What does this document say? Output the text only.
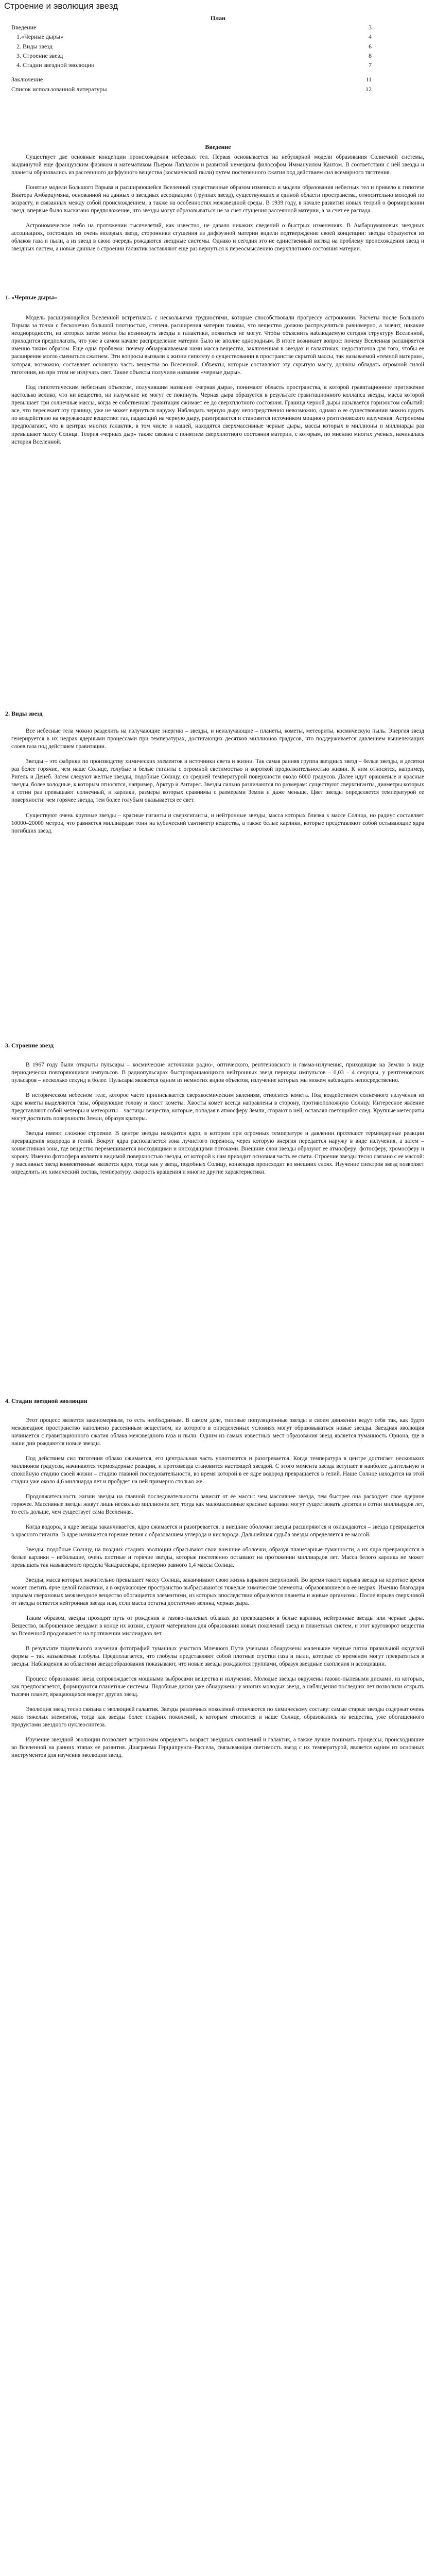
Строение и эволюция звезд
План
Введение	3
1.«Черные дыры»	4
2. Виды звезд	6
3. Строение звезд	8
4. Стадии звездной эволюции	7
Заключение	11
Список использованной литературы	12
Введение
1. «Черные дыры»
2. Виды звезд
3. Строение звезд
4. Стадии звездной эволюции

Существует две основные концепции происхождения небесных тел. Первая основывается на небулярной модели образования Солнечной системы, выдвинутой еще французским физиком и математиком Пьером Лапласом и развитой немецким философом Иммануилом Кантом. В соответствии с ней звезды и планеты образовались из рассеянного диффузного вещества (космической пыли) путем постепенного сжатия под действием сил всемирного тяготения.

Понятие модели Большого Взрыва и расширяющейся Вселенной существенные образом изменило и модели образования небесных тел и привело к гипотезе Виктора Амбарцумяна, основанной на данных о звездных ассоциациях (группах звезд), существующих в единой области пространства, относительно молодой по возрасту, и связанных между собой происхождением, а также на особенностях межзвездной среды. В 1939 году, в начале развития новых теорий о формировании звезд, впервые было высказано предположение, что звезды могут образовываться не за счет сгущения рассеянной материи, а за счет ее распада.

Астрономическое небо на протяжении тысячелетий, как известно, не давало никаких сведений о быстрых изменениях. В Амбарцумяновых звездных ассоциациях, состоящих из очень молодых звезд, сторонники сгущения из диффузной материи видели подтверждение своей концепции: звезды образуются из облаков газа и пыли, а из звезд в свою очередь рождаются звездные системы. Однако и сегодня это не единственный взгляд на проблему происхождения звезд и звездных систем, а новые данные о строении галактик заставляют еще раз вернуться к переосмыслению сверхплотного состояния материи.

Модель расширяющейся Вселенной встретилась с несколькими трудностями, которые способствовали прогрессу астрономии. Расчеты после Большого Взрыва за точки с бесконечно большой плотностью, степень расширения материи таковы, что вещество должно распределяться равномерно, а значит, никакие неоднородности, из которых затем могли бы возникнуть звезды и галактики, появиться не могут. Чтобы объяснить наблюдаемую сегодня структуру Вселенной, приходится предполагать, что уже в самом начале распределение материи было не вполне однородным. В итоге возникает вопрос: почему Вселенная расширяется именно таким образом. Еще одна проблема: почему обнаруживаемая нами масса вещества, заключенная в звездах и галактиках, недостаточна для того, чтобы ее расширение могло смениться сжатием. Эти вопросы вызвали к жизни гипотезу о существовании в пространстве скрытой массы, так называемой «темной материи», которая, возможно, составляет основную часть вещества во Вселенной. Объекты, которые составляют эту скрытую массу, должны обладать огромной силой тяготения, но при этом не излучать свет. Такие объекты получили название «черные дыры».

Под гипотетическим небесным объектом, получившим название «черная дыра», понимают область пространства, в которой гравитационное притяжение настолько велико, что ни вещество, ни излучение не могут ее покинуть. Черная дыра образуется в результате гравитационного коллапса звезды, масса которой превышает три солнечные массы, когда ее собственная гравитация сжимает ее до сверхплотного состояния. Граница черной дыры называется горизонтом событий: все, что пересекает эту границу, уже не может вернуться наружу. Наблюдать черную дыру непосредственно невозможно, однако о ее существовании можно судить по воздействию на окружающее вещество: газ, падающий на черную дыру, разогревается и становится источником мощного рентгеновского излучения. Астрономы предполагают, что в центрах многих галактик, в том числе и нашей, находятся сверхмассивные черные дыры, массы которых в миллионы и миллиарды раз превышают массу Солнца. Теория «черных дыр» также связана с понятием сверхплотного состояния материи, с которым, по мнению многих ученых, начиналась история Вселенной.

Все небесные тела можно разделить на излучающие энергию – звезды, и неизлучающие – планеты, кометы, метеориты, космическую пыль. Энергия звезд генерируется в их недрах ядерными процессами при температурах, достигающих десятков миллионов градусов, что поддерживается давлением вышележащих слоев газа под действием гравитации.

Звезды – это фабрики по производству химических элементов и источники света и жизни. Так самая ранняя группа звездных звезд – белые звезды, в десятки раз более горячие, чем наше Солнце, голубые и белые гиганты с огромной светимостью и короткой продолжительностью жизни. К ним относятся, например, Ригель и Денеб. Затем следуют желтые звезды, подобные Солнцу, со средней температурой поверхности около 6000 градусов. Далее идут оранжевые и красные звезды, более холодные, к которым относятся, например, Арктур и Антарес. Звезды сильно различаются по размерам: существуют сверхгиганты, диаметры которых в сотни раз превышают солнечный, и карлики, размеры которых сравнимы с размерами Земли и даже меньше. Цвет звезды определяется температурой ее поверхности: чем горячее звезда, тем более голубым оказывается ее свет.

Существуют очень крупные звезды – красные гиганты и сверхгиганты, и нейтронные звезды, масса которых близка к массе Солнца, но радиус составляет 10000–20000 метров, что равняется миллиардам тонн на кубический сантиметр вещества, а также белые карлики, которые представляют собой остывающие ядра погибших звезд.

В 1967 году были открыты пульсары – космические источники радио-, оптического, рентгеновского и гамма-излучения, приходящие на Землю в виде периодически повторяющихся импульсов. В радиопульсарах быстровращающихся нейтронных звезд периоды импульсов – 0,03 – 4 секунды, у рентгеновских пульсаров – несколько секунд и более. Пульсары являются одним из немногих видов объектов, излучение которых мы можем наблюдать непосредственно.

В историческом небесном теле, которое часто приписывается сверхкосмическим явлениям, относится комета. Под воздействием солнечного излучения из ядра кометы выделяются газы, образующие голову и хвост кометы. Хвосты комет всегда направлены в сторону, противоположную Солнцу. Интересное явление представляют собой метеоры и метеориты – частицы вещества, которые, попадая в атмосферу Земли, сгорают в ней, оставляя светящийся след. Крупные метеориты могут достигать поверхности Земли, образуя кратеры.

Звезды имеют сложное строение. В центре звезды находится ядро, в котором при огромных температуре и давлении протекают термоядерные реакции превращения водорода в гелий. Вокруг ядра располагается зона лучистого переноса, через которую энергия передается наружу в виде излучения, а затем – конвективная зона, где вещество перемешивается восходящими и нисходящими потоками. Внешние слои звезды образуют ее атмосферу: фотосферу, хромосферу и корону. Именно фотосфера является видимой поверхностью звезды, от которой к нам приходит основная часть ее света. Строение звезды тесно связано с ее массой: у массивных звезд конвективным является ядро, тогда как у звезд, подобных Солнцу, конвекция происходит во внешних слоях. Изучение спектров звезд позволяет определить их химический состав, температуру, скорость вращения и многие другие характеристики.

Этот процесс является закономерным, то есть необходимым. В самом деле, типовые популяционные звезды в своем движении ведут себя так, как будто межзвездное пространство наполнено рассеянным веществом, из которого в определенных условиях могут образовываться новые звезды. Звездная эволюция начинается с гравитационного сжатия облака межзвездного газа и пыли. Одним из самых известных мест образования звезд является туманность Ориона, где в наши дни рождаются новые звезды.

Под действием сил тяготения облако сжимается, его центральная часть уплотняется и разогревается. Когда температура в центре достигает нескольких миллионов градусов, начинаются термоядерные реакции, и протозвезда становится настоящей звездой. С этого момента звезда вступает в наиболее длительную и спокойную стадию своей жизни – стадию главной последовательности, во время которой в ее ядре водород превращается в гелий. Наше Солнце находится на этой стадии уже около 4,6 миллиарда лет и пробудет на ней примерно столько же.

Продолжительность жизни звезды на главной последовательности зависит от ее массы: чем массивнее звезда, тем быстрее она расходует свое ядерное горючее. Массивные звезды живут лишь несколько миллионов лет, тогда как маломассивные красные карлики могут существовать десятки и сотни миллиардов лет, то есть дольше, чем существует сама Вселенная.

Когда водород в ядре звезды заканчивается, ядро сжимается и разогревается, а внешние оболочки звезды расширяются и охлаждаются – звезда превращается в красного гиганта. В ядре начинается горение гелия с образованием углерода и кислорода. Дальнейшая судьба звезды определяется ее массой.

Звезды, подобные Солнцу, на поздних стадиях эволюции сбрасывают свои внешние оболочки, образуя планетарные туманности, а их ядра превращаются в белые карлики – небольшие, очень плотные и горячие звезды, которые постепенно остывают на протяжении миллиардов лет. Масса белого карлика не может превышать так называемого предела Чандрасекара, примерно равного 1,4 массы Солнца.

Звезды, масса которых значительно превышает массу Солнца, заканчивают свою жизнь взрывом сверхновой. Во время такого взрыва звезда на короткое время может светить ярче целой галактики, а в окружающее пространство выбрасываются тяжелые химические элементы, образовавшиеся в ее недрах. Именно благодаря взрывам сверхновых межзвездное вещество обогащается элементами, из которых впоследствии образуются планеты и живые организмы. После взрыва сверхновой от звезды остается нейтронная звезда или, если масса остатка достаточно велика, черная дыра.

Таким образом, звезды проходят путь от рождения в газово-пылевых облаках до превращения в белые карлики, нейтронные звезды или черные дыры. Вещество, выброшенное звездами в конце их жизни, служит материалом для образования новых поколений звезд и планетных систем, и этот круговорот вещества во Вселенной продолжается на протяжении миллиардов лет.

В результате тщательного изучения фотографий туманных участков Млечного Пути учеными обнаружены маленькие черные пятна правильной округлой формы – так называемые глобулы. Предполагается, что глобулы представляют собой плотные сгустки газа и пыли, которые со временем могут превратиться в звезды. Наблюдения за областями звездообразования показывают, что новые звезды рождаются группами, образуя звездные скопления и ассоциации.

Процесс образования звезд сопровождается мощными выбросами вещества и излучения. Молодые звезды окружены газово-пылевыми дисками, из которых, как предполагается, формируются планетные системы. Подобные диски уже обнаружены у многих молодых звезд, а наблюдения последних лет позволили открыть тысячи планет, вращающихся вокруг других звезд.

Эволюция звезд тесно связана с эволюцией галактик. Звезды различных поколений отличаются по химическому составу: самые старые звезды содержат очень мало тяжелых элементов, тогда как звезды более поздних поколений, к которым относится и наше Солнце, образовались из вещества, уже обогащенного продуктами звездного нуклеосинтеза.

Изучение звездной эволюции позволяет астрономам определять возраст звездных скоплений и галактик, а также лучше понимать процессы, происходившие во Вселенной на ранних этапах ее развития. Диаграмма Герцшпрунга–Рассела, связывающая светимость звезд с их температурой, является одним из основных инструментов для изучения эволюции звезд.
